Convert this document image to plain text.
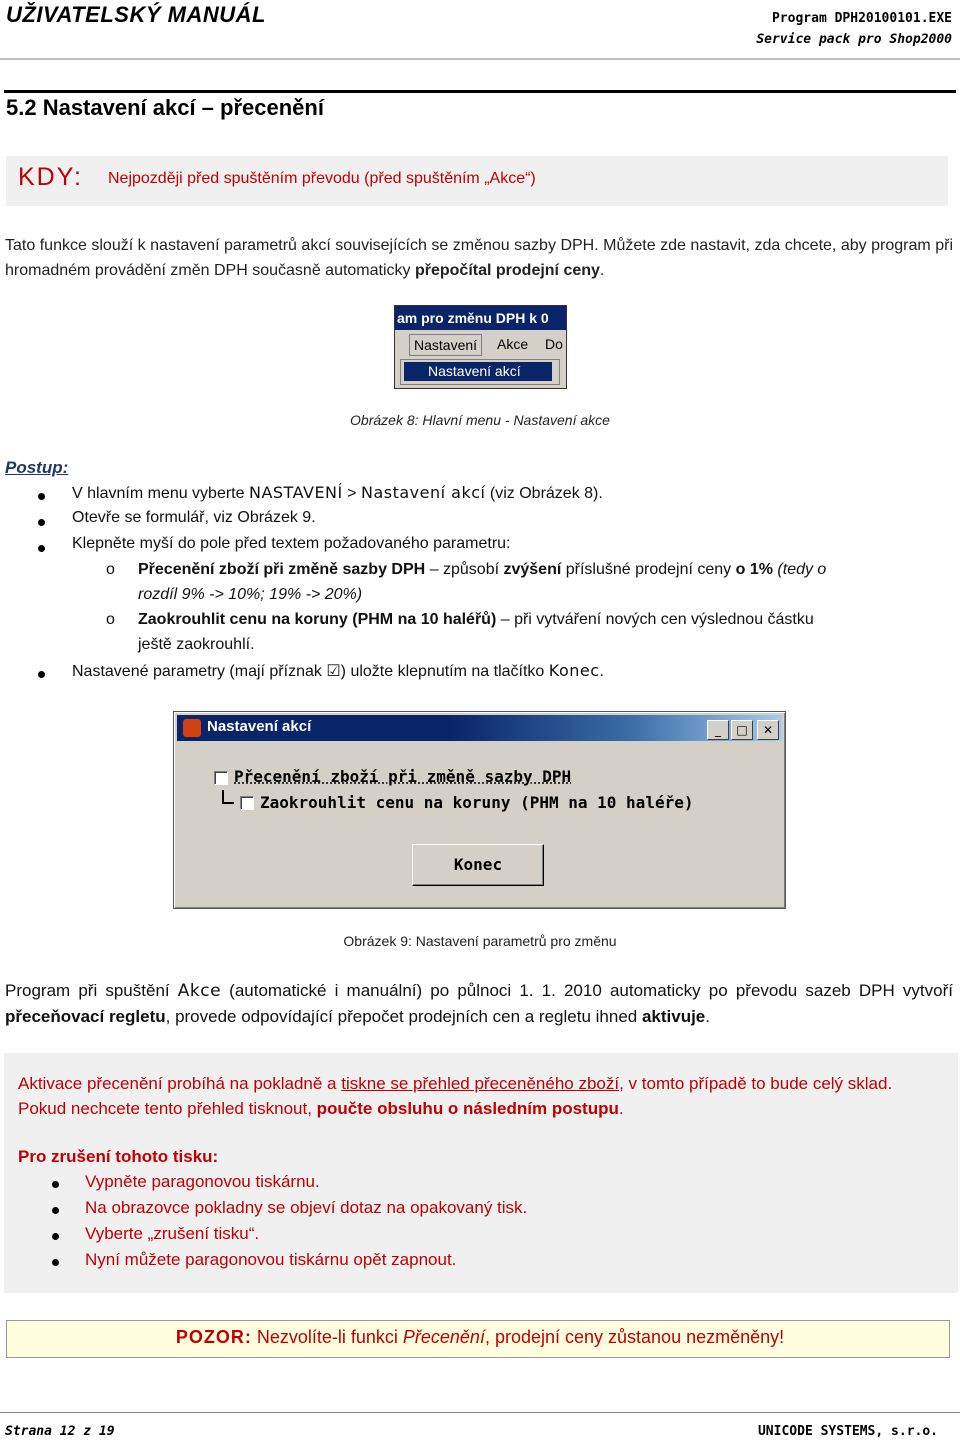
UŽIVATELSKÝ MANUÁL	Program DPH20100101.EXE
Service pack pro Shop2000
5.2 Nastavení akcí – přecenění
KDY: Nejpozději před spuštěním převodu (před spuštěním „Akce“)
Tato funkce slouží k nastavení parametrů akcí souvisejících se změnou sazby DPH. Můžete zde nastavit, zda chcete, aby program při hromadném provádění změn DPH současně automaticky přepočítal prodejní ceny.
am pro změnu DPH k 0
Nastavení	Akce Do
Nastavení akcí
Obrázek 8: Hlavní menu - Nastavení akce
Postup:
V hlavním menu vyberte NASTAVENÍ > Nastavení akcí (viz Obrázek 8).
Otevře se formulář, viz Obrázek 9.
Klepněte myší do pole před textem požadovaného parametru:
o Přecenění zboží při změně sazby DPH – způsobí zvýšení příslušné prodejní ceny o 1% (tedy o
rozdíl 9% -> 10%; 19% -> 20%)
o Zaokrouhlit cenu na koruny (PHM na 10 haléřů) – při vytváření nových cen výslednou částku
ještě zaokrouhlí.
Nastavené parametry (mají příznak ☑) uložte klepnutím na tlačítko Konec.
Nastavení akcí	_	□	✕
Přecenění zboží při změně sazby DPH
Zaokrouhlit cenu na koruny (PHM na 10 haléře)
Konec
Obrázek 9: Nastavení parametrů pro změnu
Program při spuštění Akce (automatické i manuální) po půlnoci 1. 1. 2010 automaticky po převodu sazeb DPH vytvoří přeceňovací regletu, provede odpovídající přepočet prodejních cen a regletu ihned aktivuje.
Aktivace přecenění probíhá na pokladně a tiskne se přehled přeceněného zboží, v tomto případě to bude celý sklad. Pokud nechcete tento přehled tisknout, poučte obsluhu o následním postupu.
Pro zrušení tohoto tisku:
Vypněte paragonovou tiskárnu.
Na obrazovce pokladny se objeví dotaz na opakovaný tisk.
Vyberte „zrušení tisku“.
Nyní můžete paragonovou tiskárnu opět zapnout.
POZOR: Nezvolíte-li funkci Přecenění, prodejní ceny zůstanou nezměněny!
Strana 12 z 19	UNICODE SYSTEMS, s.r.o.
